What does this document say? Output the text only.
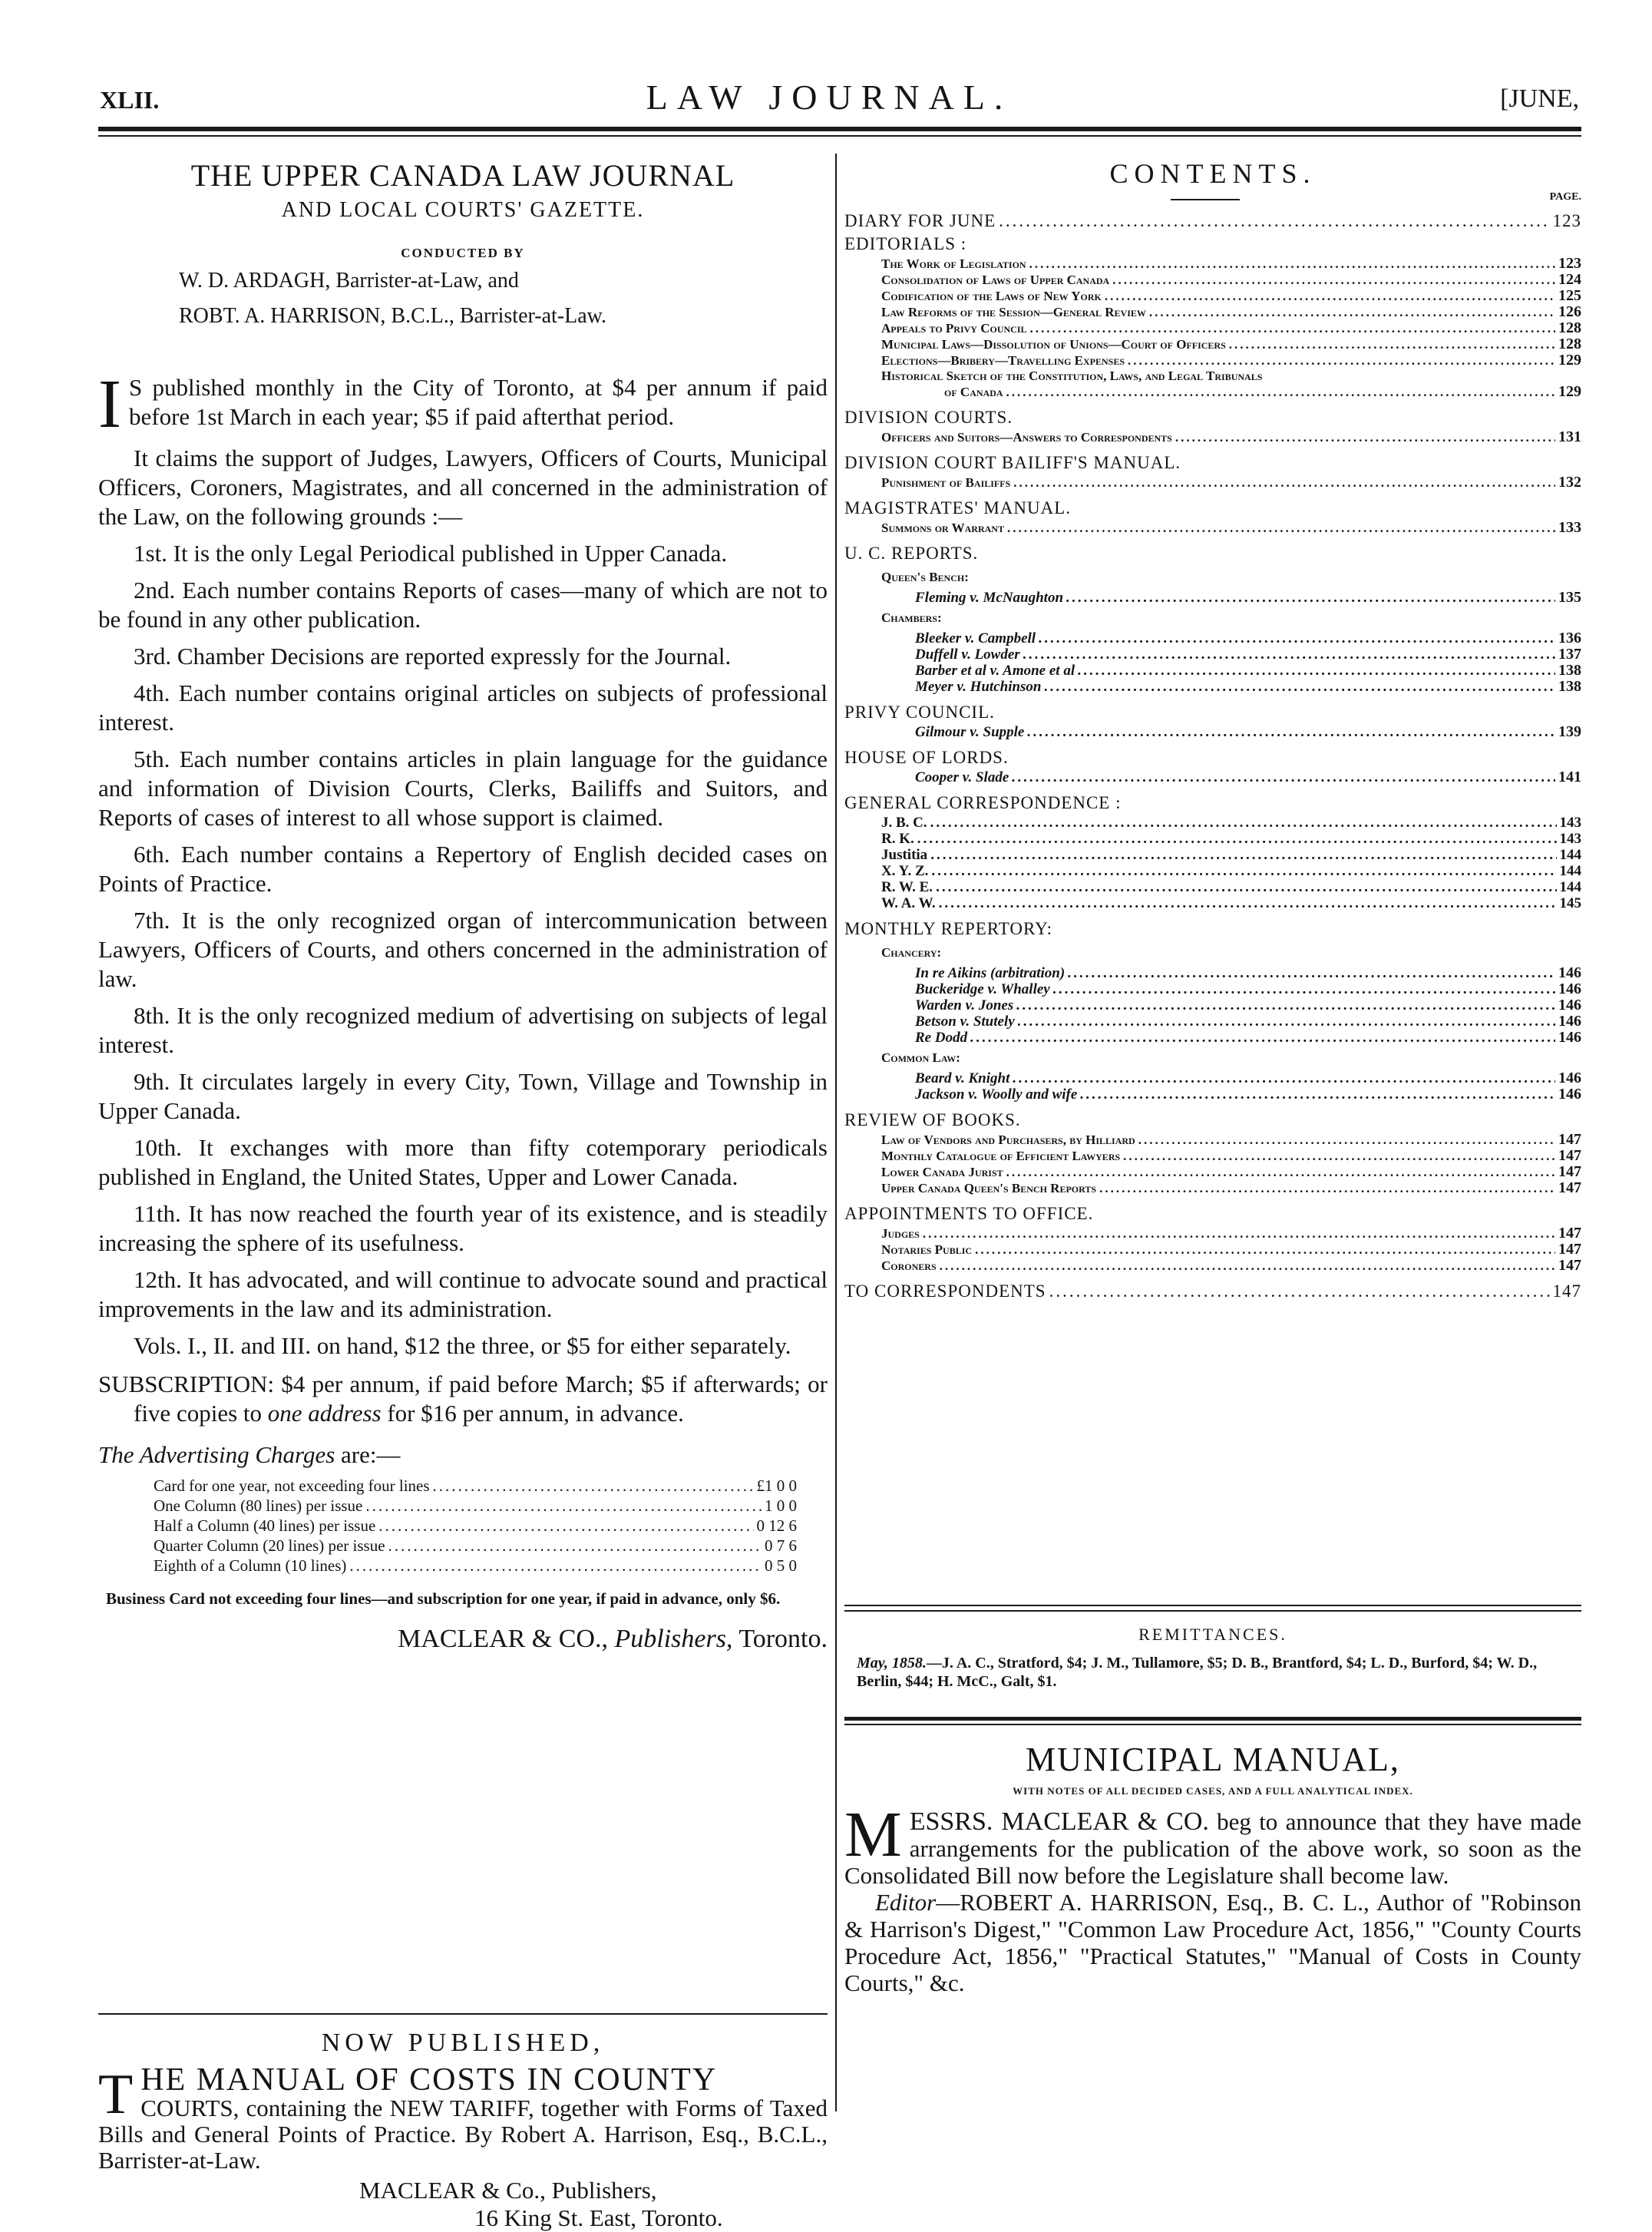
XLII.	LAW JOURNAL.	[JUNE,
THE UPPER CANADA LAW JOURNAL
AND LOCAL COURTS' GAZETTE.
CONDUCTED BY
W. D. ARDAGH, Barrister-at-Law, and
ROBT. A. HARRISON, B.C.L., Barrister-at-Law.
I S published monthly in the City of Toronto, at $4 per annum if paid before 1st March in each year; $5 if paid afterthat period.
It claims the support of Judges, Lawyers, Officers of Courts, Municipal Officers, Coroners, Magistrates, and all concerned in the administration of the Law, on the following grounds :—
1st. It is the only Legal Periodical published in Upper Canada.
2nd. Each number contains Reports of cases—many of which are not to be found in any other publication.
3rd. Chamber Decisions are reported expressly for the Journal.
4th. Each number contains original articles on subjects of professional interest.
5th. Each number contains articles in plain language for the guidance and information of Division Courts, Clerks, Bailiffs and Suitors, and Reports of cases of interest to all whose support is claimed.
6th. Each number contains a Repertory of English decided cases on Points of Practice.
7th. It is the only recognized organ of intercommunication between Lawyers, Officers of Courts, and others concerned in the administration of law.
8th. It is the only recognized medium of advertising on subjects of legal interest.
9th. It circulates largely in every City, Town, Village and Township in Upper Canada.
10th. It exchanges with more than fifty cotemporary periodicals published in England, the United States, Upper and Lower Canada.
11th. It has now reached the fourth year of its existence, and is steadily increasing the sphere of its usefulness.
12th. It has advocated, and will continue to advocate sound and practical improvements in the law and its administration.
Vols. I., II. and III. on hand, $12 the three, or $5 for either separately.
SUBSCRIPTION: $4 per annum, if paid before March; $5 if afterwards; or five copies to one address for $16 per annum, in advance.
The Advertising Charges are:—
Card for one year, not exceeding four lines .....	£1 0 0
One Column (80 lines) per issue .....	1 0 0
Half a Column (40 lines) per issue .....	0 12 6
Quarter Column (20 lines) per issue .....	0 7 6
Eighth of a Column (10 lines) .....	0 5 0
Business Card not exceeding four lines—and subscription for one year, if paid in advance, only $6.
MACLEAR & CO., Publishers, Toronto.
NOW PUBLISHED,
THE MANUAL OF COSTS IN COUNTY
COURTS, containing the NEW TARIFF, together with Forms of Taxed Bills and General Points of Practice. By Robert A. Harrison, Esq., B.C.L., Barrister-at-Law.
MACLEAR & Co., Publishers,
16 King St. East, Toronto.
CONTENTS.
PAGE.
DIARY FOR JUNE .....	123
EDITORIALS :
The Work of Legislation .....	123
Consolidation of Laws of Upper Canada .....	124
Codification of the Laws of New York .....	125
Law Reforms of the Session—General Review .....	126
Appeals to Privy Council .....	128
Municipal Laws—Dissolution of Unions—Court of Officers .....	128
Elections—Bribery—Travelling Expenses .....	129
Historical Sketch of the Constitution, Laws, and Legal Tribunals
of Canada .....	129
DIVISION COURTS.
Officers and Suitors—Answers to Correspondents .....	131
DIVISION COURT BAILIFF'S MANUAL.
Punishment of Bailiffs .....	132
MAGISTRATES' MANUAL.
Summons or Warrant .....	133
U. C. REPORTS.
Queen's Bench:
Fleming v. McNaughton .....	135
Chambers:
Bleeker v. Campbell .....	136
Duffell v. Lowder .....	137
Barber et al v. Amone et al .....	138
Meyer v. Hutchinson .....	138
PRIVY COUNCIL.
Gilmour v. Supple .....	139
HOUSE OF LORDS.
Cooper v. Slade .....	141
GENERAL CORRESPONDENCE :
J. B. C. .....	143
R. K. .....	143
Justitia .....	144
X. Y. Z. .....	144
R. W. E. .....	144
W. A. W. .....	145
MONTHLY REPERTORY:
Chancery:
In re Aikins (arbitration) .....	146
Buckeridge v. Whalley .....	146
Warden v. Jones .....	146
Betson v. Stutely .....	146
Re Dodd .....	146
Common Law:
Beard v. Knight .....	146
Jackson v. Woolly and wife .....	146
REVIEW OF BOOKS.
Law of Vendors and Purchasers, by Hilliard .....	147
Monthly Catalogue of Efficient Lawyers .....	147
Lower Canada Jurist .....	147
Upper Canada Queen's Bench Reports .....	147
APPOINTMENTS TO OFFICE.
Judges .....	147
Notaries Public .....	147
Coroners .....	147
TO CORRESPONDENTS .....	147
REMITTANCES.
May, 1858.—J. A. C., Stratford, $4; J. M., Tullamore, $5; D. B., Brantford, $4; L. D., Burford, $4; W. D., Berlin, $44; H. McC., Galt, $1.
MUNICIPAL MANUAL,
WITH NOTES OF ALL DECIDED CASES, AND A FULL ANALYTICAL INDEX.
MESSRS. MACLEAR & CO. beg to announce that they have made arrangements for the publication of the above work, so soon as the Consolidated Bill now before the Legislature shall become law.
Editor—ROBERT A. HARRISON, Esq., B. C. L., Author of "Robinson & Harrison's Digest," "Common Law Procedure Act, 1856," "County Courts Procedure Act, 1856," "Practical Statutes," "Manual of Costs in County Courts," &c.
